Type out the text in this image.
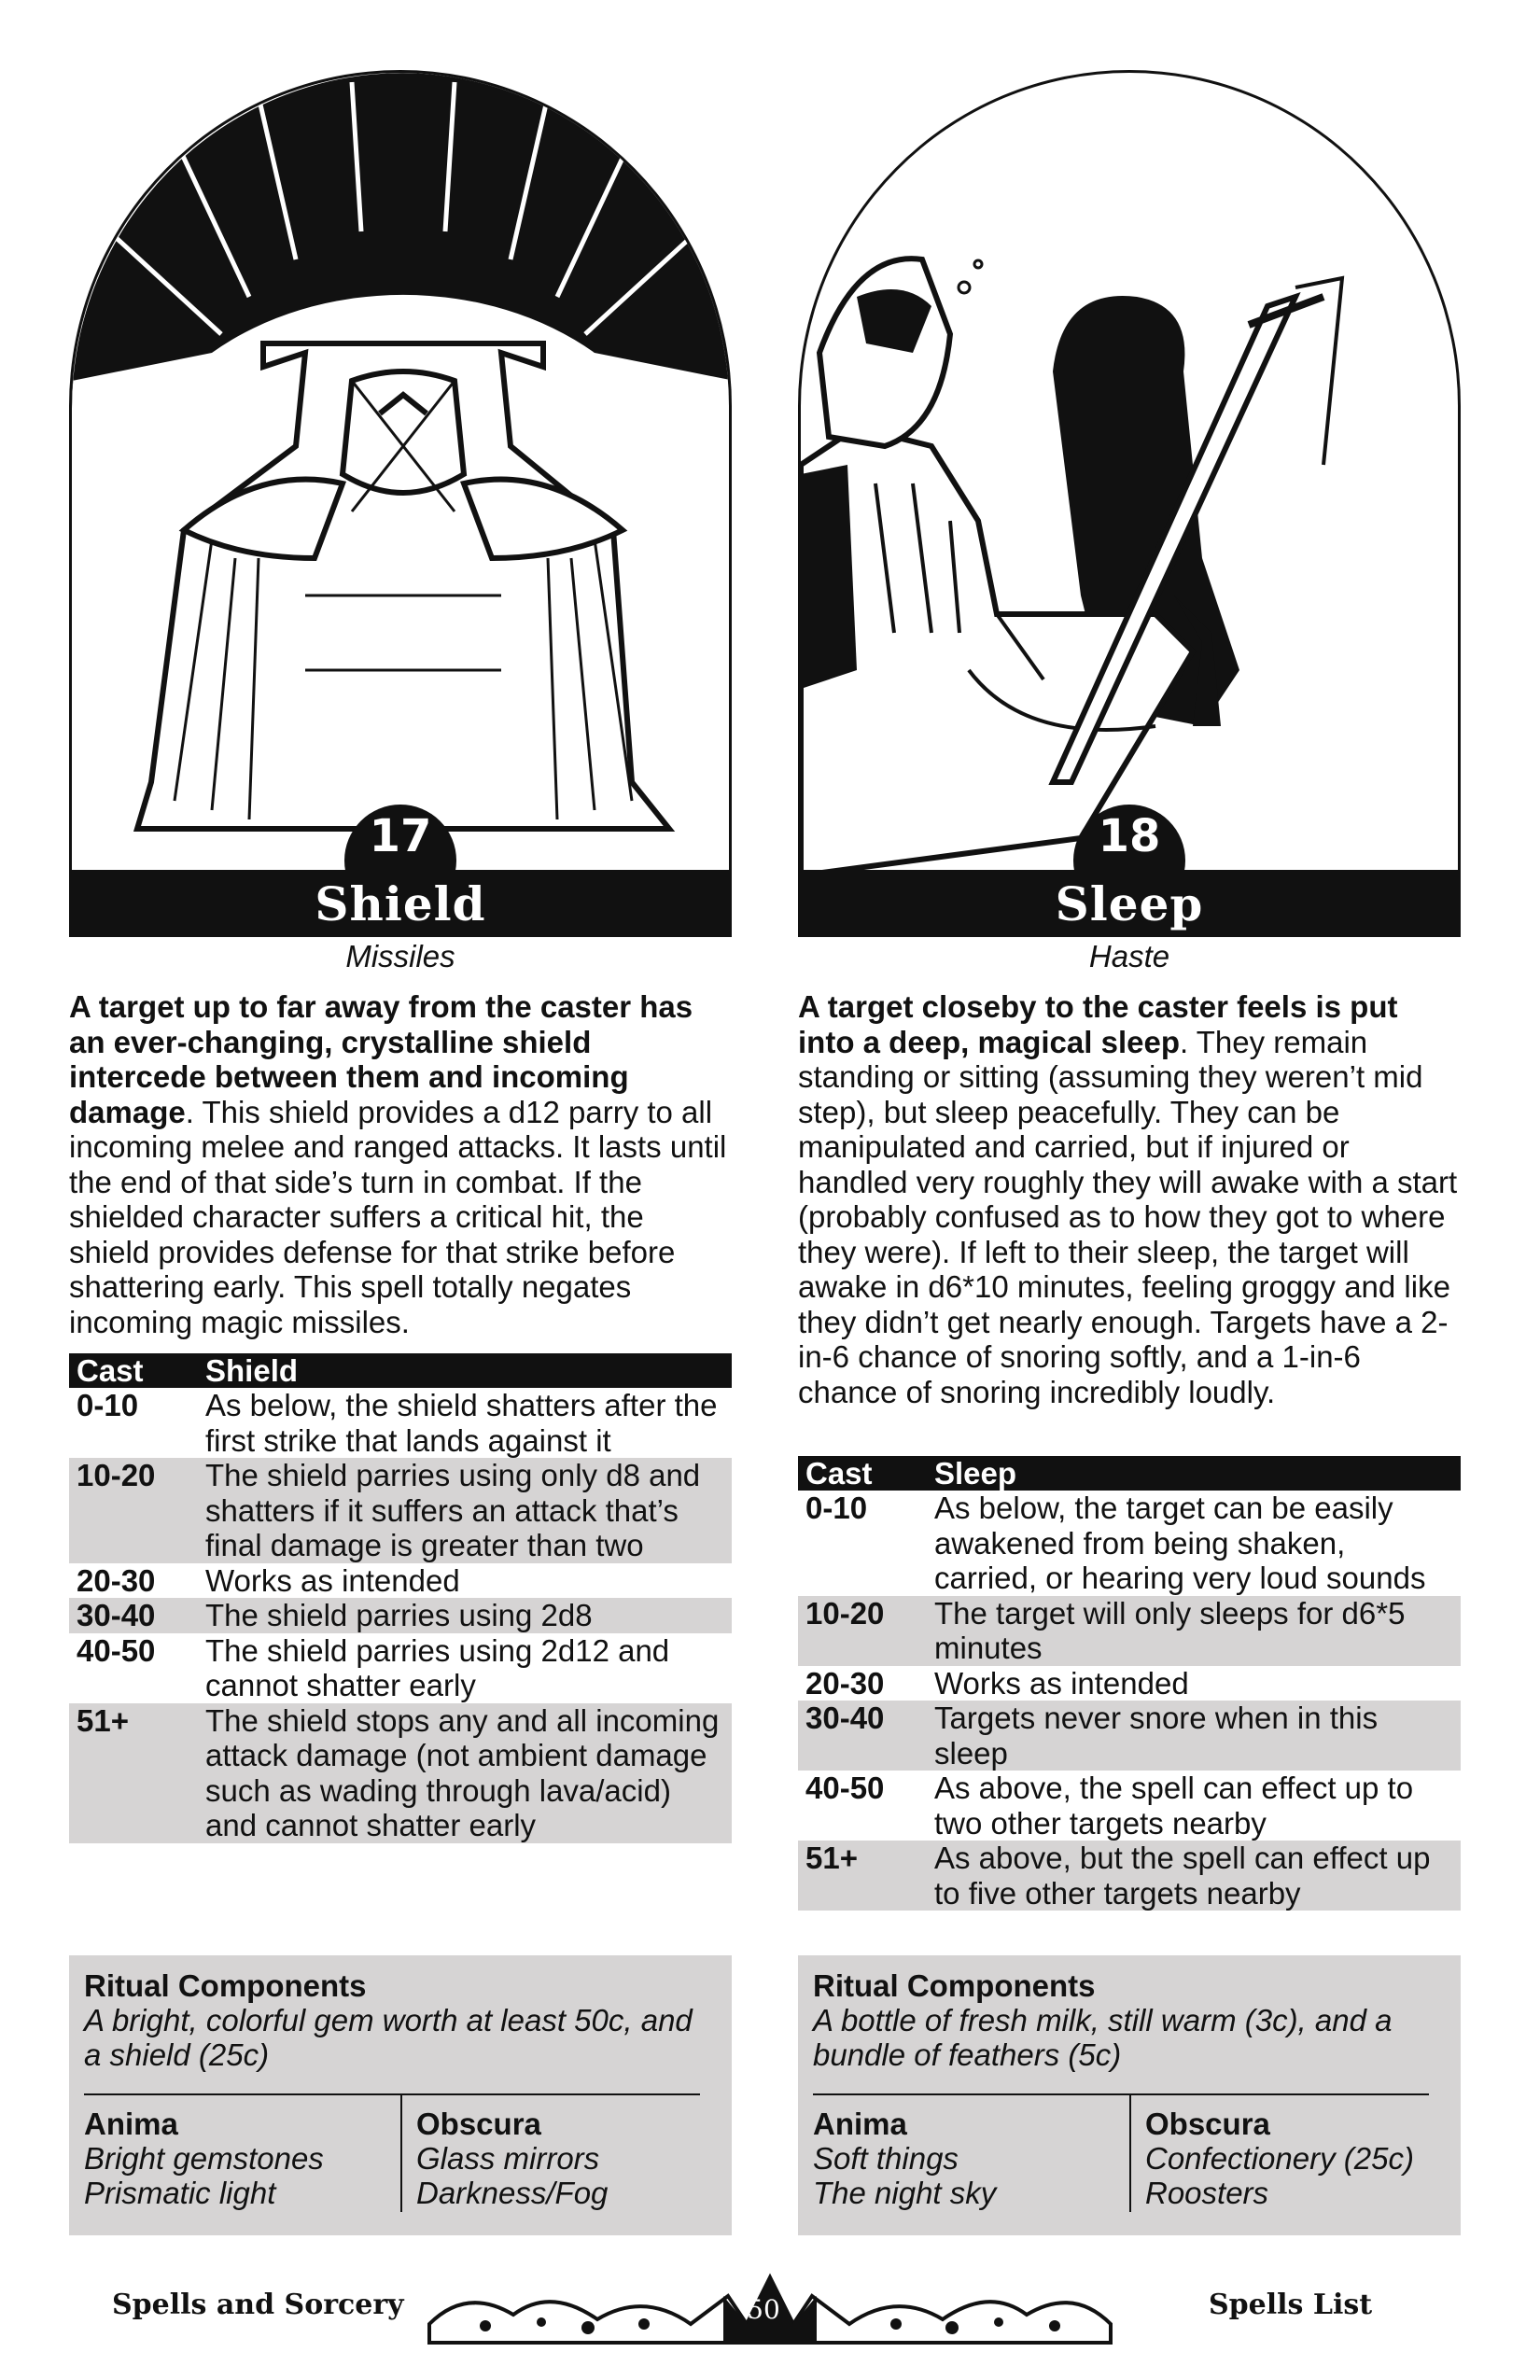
17
Shield
Missiles
A target up to far away from the caster has an ever-changing, crystalline shield intercede between them and incoming damage. This shield provides a d12 parry to all incoming melee and ranged attacks. It lasts until the end of that side’s turn in combat. If the shielded character suffers a critical hit, the shield provides defense for that strike before shattering early. This spell totally negates incoming magic missiles.
Cast	Shield
0-10	As below, the shield shatters after the first strike that lands against it
10-20	The shield parries using only d8 and shatters if it suffers an attack that’s final damage is greater than two
20-30	Works as intended
30-40	The shield parries using 2d8
40-50	The shield parries using 2d12 and cannot shatter early
51+	The shield stops any and all incoming attack damage (not ambient damage such as wading through lava/acid) and cannot shatter early
Ritual Components
A bright, colorful gem worth at least 50c, and a shield (25c)
Anima
Bright gemstones
Prismatic light
Obscura
Glass mirrors
Darkness/Fog
18
Sleep
Haste
A target closeby to the caster feels is put into a deep, magical sleep. They remain standing or sitting (assuming they weren’t mid step), but sleep peacefully. They can be manipulated and carried, but if injured or handled very roughly they will awake with a start (probably confused as to how they got to where they were). If left to their sleep, the target will awake in d6*10 minutes, feeling groggy and like they didn’t get nearly enough. Targets have a 2-in-6 chance of snoring softly, and a 1-in-6 chance of snoring incredibly loudly.
Cast	Sleep
0-10	As below, the target can be easily awakened from being shaken, carried, or hearing very loud sounds
10-20	The target will only sleeps for d6*5 minutes
20-30	Works as intended
30-40	Targets never snore when in this sleep
40-50	As above, the spell can effect up to two other targets nearby
51+	As above, but the spell can effect up to five other targets nearby
Ritual Components
A bottle of fresh milk, still warm (3c), and a bundle of feathers (5c)
Anima
Soft things
The night sky
Obscura
Confectionery (25c)
Roosters
Spells and Sorcery	50	Spells List
